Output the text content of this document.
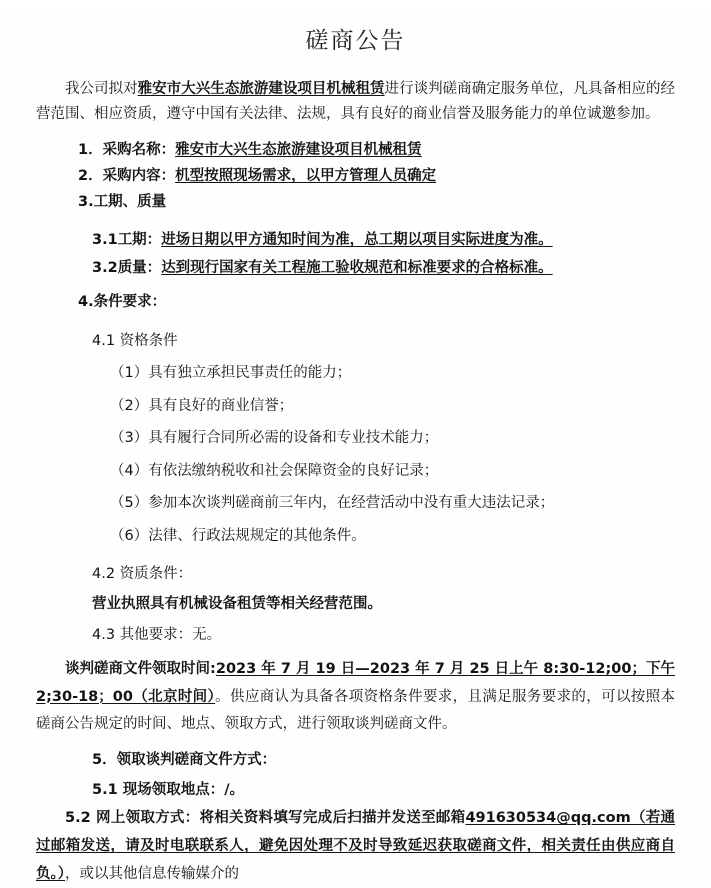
磋商公告

我公司拟对雅安市大兴生态旅游建设项目机械租赁进行谈判磋商确定服务单位，凡具备相应的经营范围、相应资质，遵守中国有关法律、法规，具有良好的商业信誉及服务能力的单位诚邀参加。

1．采购名称：雅安市大兴生态旅游建设项目机械租赁

2．采购内容：机型按照现场需求，以甲方管理人员确定

3.工期、质量

3.1工期：进场日期以甲方通知时间为准，总工期以项目实际进度为准。

3.2质量：达到现行国家有关工程施工验收规范和标准要求的合格标准。

4.条件要求：

4.1 资格条件

（1）具有独立承担民事责任的能力；

（2）具有良好的商业信誉；

（3）具有履行合同所必需的设备和专业技术能力；

（4）有依法缴纳税收和社会保障资金的良好记录；

（5）参加本次谈判磋商前三年内，在经营活动中没有重大违法记录；

（6）法律、行政法规规定的其他条件。

4.2 资质条件：

营业执照具有机械设备租赁等相关经营范围。

4.3 其他要求：无。

谈判磋商文件领取时间:2023 年 7 月 19 日—2023 年 7 月 25 日上午 8:30-12;00；下午 2;30-18；00（北京时间）。供应商认为具备各项资格条件要求，且满足服务要求的，可以按照本磋商公告规定的时间、地点、领取方式，进行领取谈判磋商文件。

5．领取谈判磋商文件方式：

5.1 现场领取地点：/。

5.2 网上领取方式：将相关资料填写完成后扫描并发送至邮箱491630534@qq.com（若通过邮箱发送，请及时电联联系人，避免因处理不及时导致延迟获取磋商文件，相关责任由供应商自负。），或以其他信息传输媒介的
